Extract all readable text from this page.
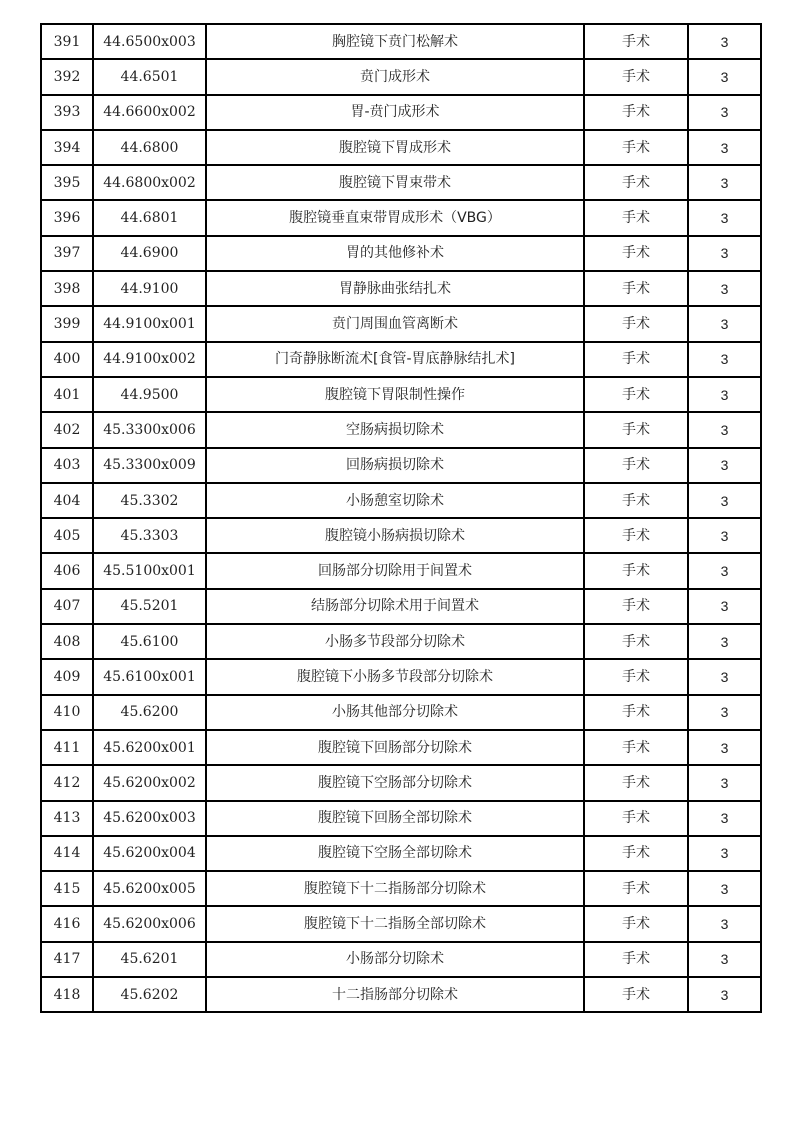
391	44.6500x003	胸腔镜下贲门松解术	手术	3
392	44.6501	贲门成形术	手术	3
393	44.6600x002	胃-贲门成形术	手术	3
394	44.6800	腹腔镜下胃成形术	手术	3
395	44.6800x002	腹腔镜下胃束带术	手术	3
396	44.6801	腹腔镜垂直束带胃成形术（VBG）	手术	3
397	44.6900	胃的其他修补术	手术	3
398	44.9100	胃静脉曲张结扎术	手术	3
399	44.9100x001	贲门周围血管离断术	手术	3
400	44.9100x002	门奇静脉断流术[食管-胃底静脉结扎术]	手术	3
401	44.9500	腹腔镜下胃限制性操作	手术	3
402	45.3300x006	空肠病损切除术	手术	3
403	45.3300x009	回肠病损切除术	手术	3
404	45.3302	小肠憩室切除术	手术	3
405	45.3303	腹腔镜小肠病损切除术	手术	3
406	45.5100x001	回肠部分切除用于间置术	手术	3
407	45.5201	结肠部分切除术用于间置术	手术	3
408	45.6100	小肠多节段部分切除术	手术	3
409	45.6100x001	腹腔镜下小肠多节段部分切除术	手术	3
410	45.6200	小肠其他部分切除术	手术	3
411	45.6200x001	腹腔镜下回肠部分切除术	手术	3
412	45.6200x002	腹腔镜下空肠部分切除术	手术	3
413	45.6200x003	腹腔镜下回肠全部切除术	手术	3
414	45.6200x004	腹腔镜下空肠全部切除术	手术	3
415	45.6200x005	腹腔镜下十二指肠部分切除术	手术	3
416	45.6200x006	腹腔镜下十二指肠全部切除术	手术	3
417	45.6201	小肠部分切除术	手术	3
418	45.6202	十二指肠部分切除术	手术	3
